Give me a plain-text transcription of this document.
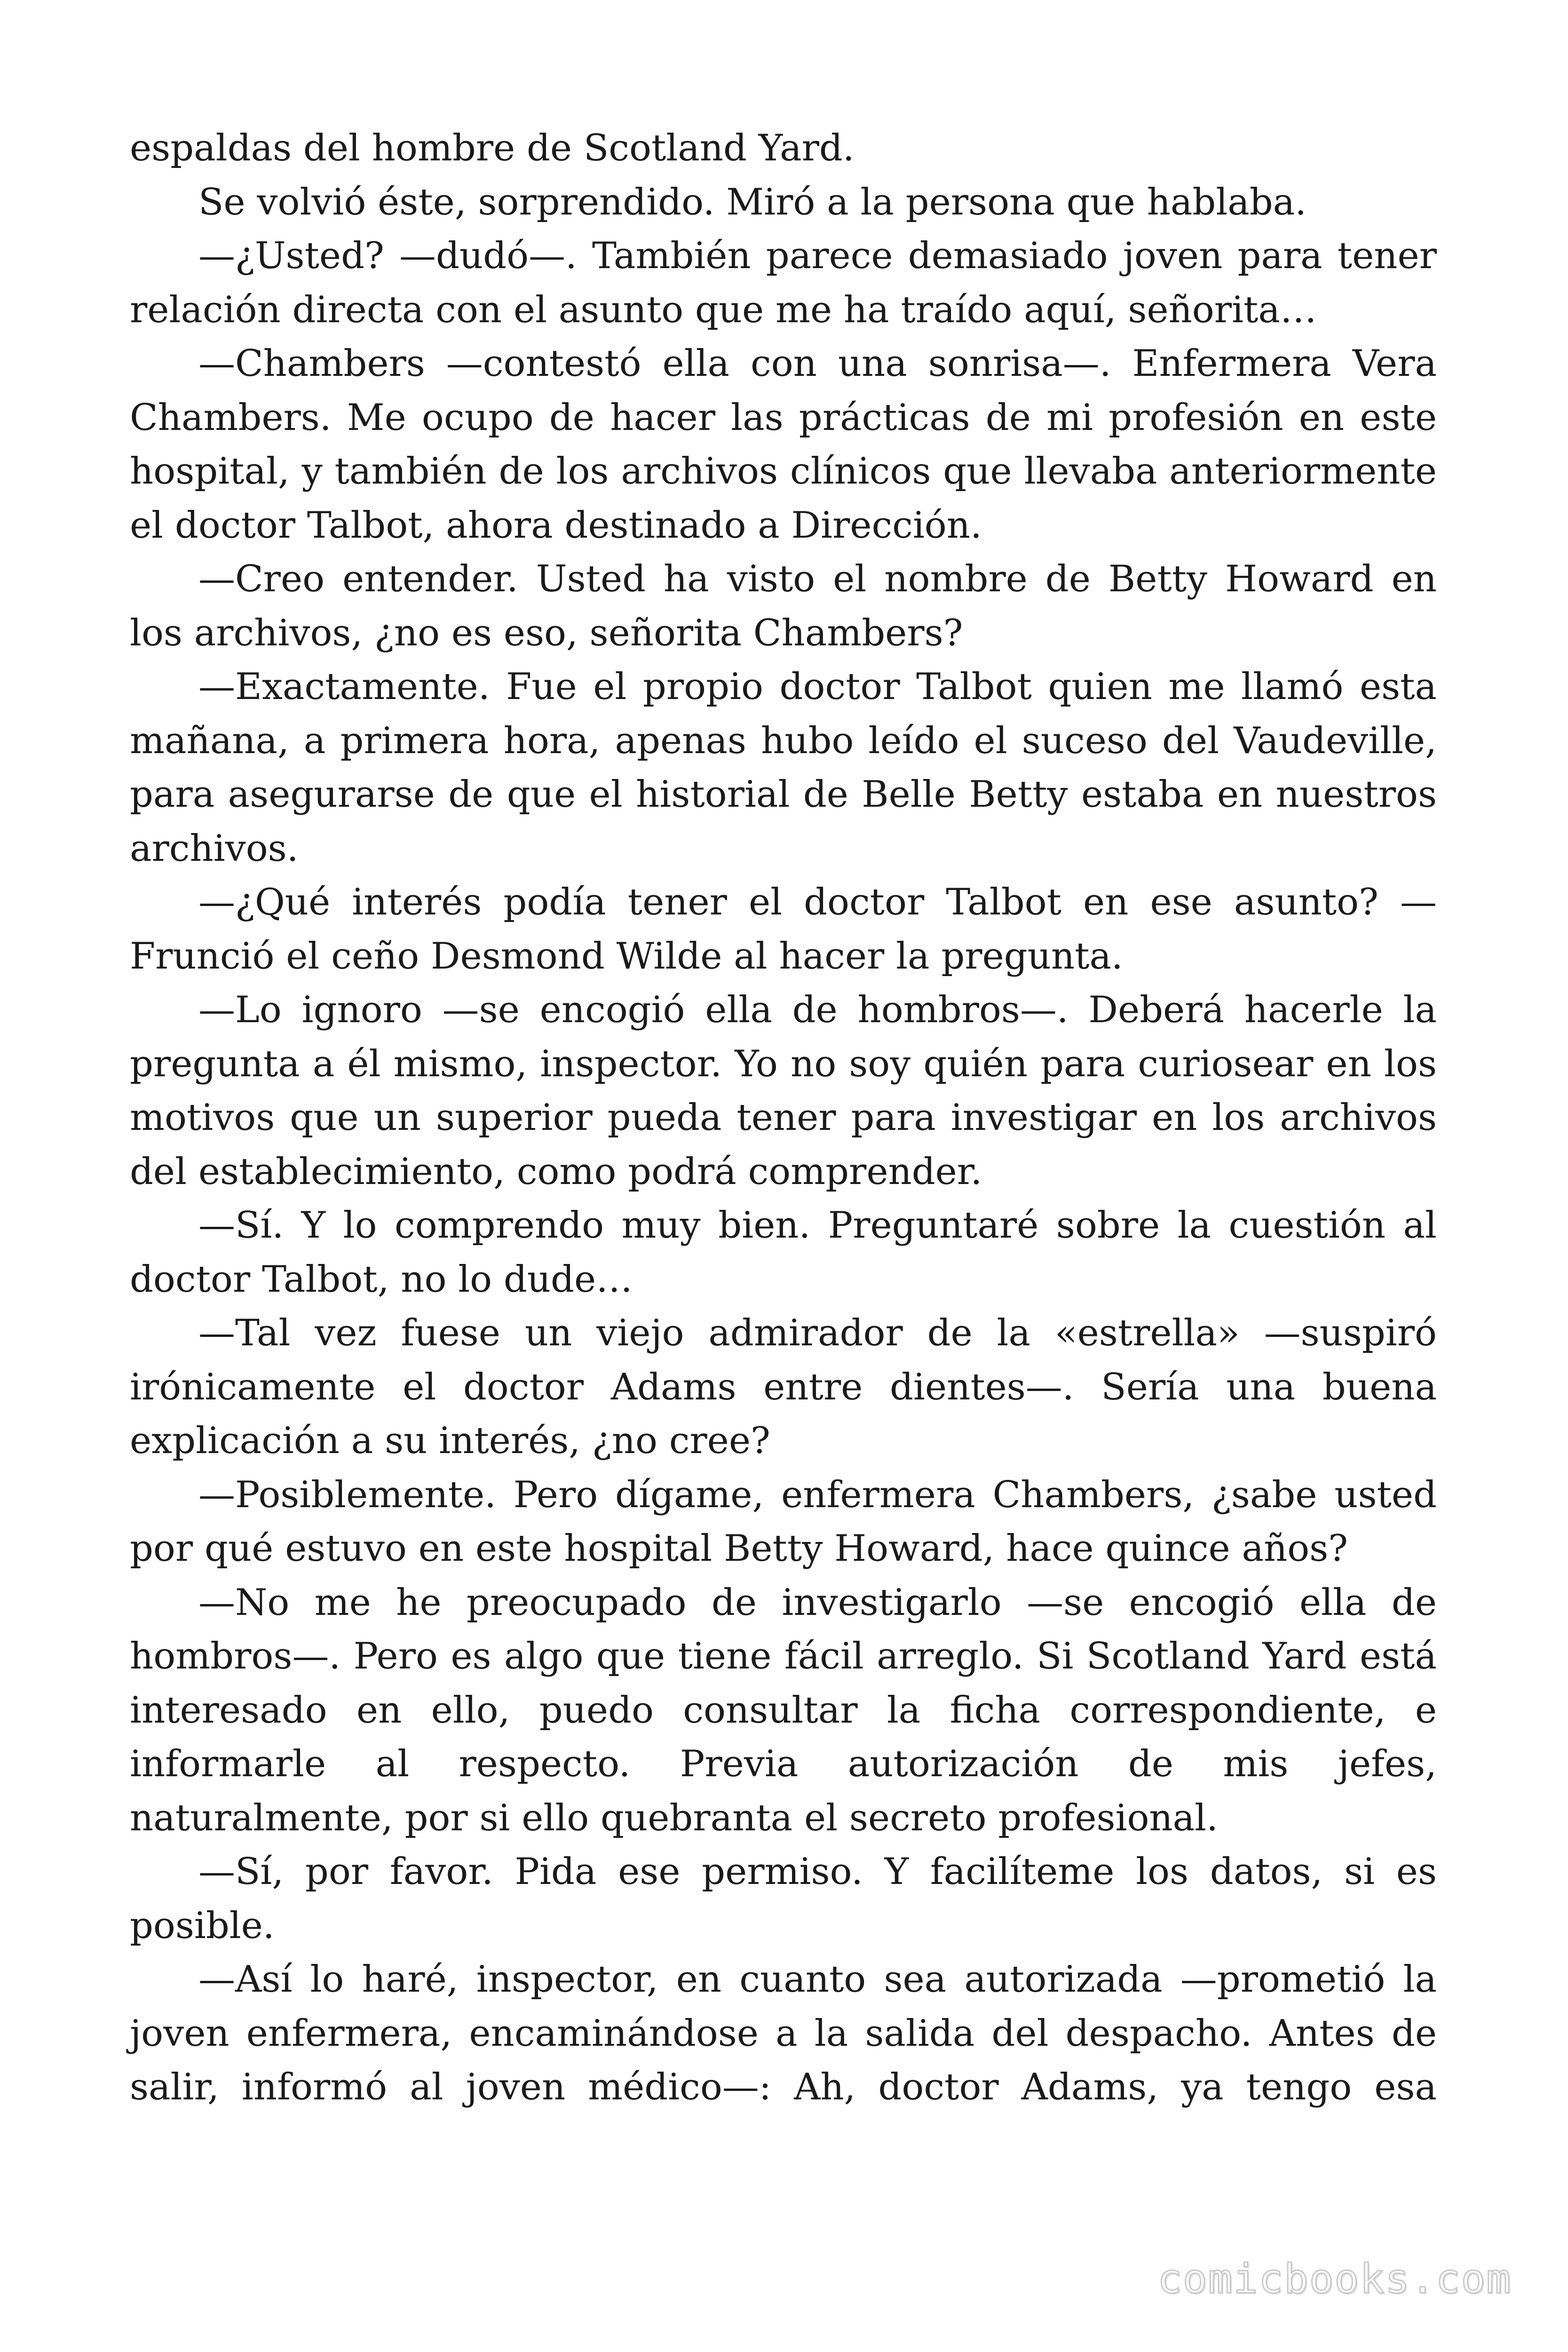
espaldas del hombre de Scotland Yard.

Se volvió éste, sorprendido. Miró a la persona que hablaba.

—¿Usted? —dudó—. También parece demasiado joven para tener relación directa con el asunto que me ha traído aquí, señorita…

—Chambers —contestó ella con una sonrisa—. Enfermera Vera Chambers. Me ocupo de hacer las prácticas de mi profesión en este hospital, y también de los archivos clínicos que llevaba anteriormente el doctor Talbot, ahora destinado a Dirección.

—Creo entender. Usted ha visto el nombre de Betty Howard en los archivos, ¿no es eso, señorita Chambers?

—Exactamente. Fue el propio doctor Talbot quien me llamó esta mañana, a primera hora, apenas hubo leído el suceso del Vaudeville, para asegurarse de que el historial de Belle Betty estaba en nuestros archivos.

—¿Qué interés podía tener el doctor Talbot en ese asunto? —Frunció el ceño Desmond Wilde al hacer la pregunta.

—Lo ignoro —se encogió ella de hombros—. Deberá hacerle la pregunta a él mismo, inspector. Yo no soy quién para curiosear en los motivos que un superior pueda tener para investigar en los archivos del establecimiento, como podrá comprender.

—Sí. Y lo comprendo muy bien. Preguntaré sobre la cuestión al doctor Talbot, no lo dude…

—Tal vez fuese un viejo admirador de la «estrella» —suspiró irónicamente el doctor Adams entre dientes—. Sería una buena explicación a su interés, ¿no cree?

—Posiblemente. Pero dígame, enfermera Chambers, ¿sabe usted por qué estuvo en este hospital Betty Howard, hace quince años?

—No me he preocupado de investigarlo —se encogió ella de hombros—. Pero es algo que tiene fácil arreglo. Si Scotland Yard está interesado en ello, puedo consultar la ficha correspondiente, e informarle al respecto. Previa autorización de mis jefes, naturalmente, por si ello quebranta el secreto profesional.

—Sí, por favor. Pida ese permiso. Y facilíteme los datos, si es posible.

—Así lo haré, inspector, en cuanto sea autorizada —prometió la joven enfermera, encaminándose a la salida del despacho. Antes de salir, informó al joven médico—: Ah, doctor Adams, ya tengo esa

comicbooks.com
